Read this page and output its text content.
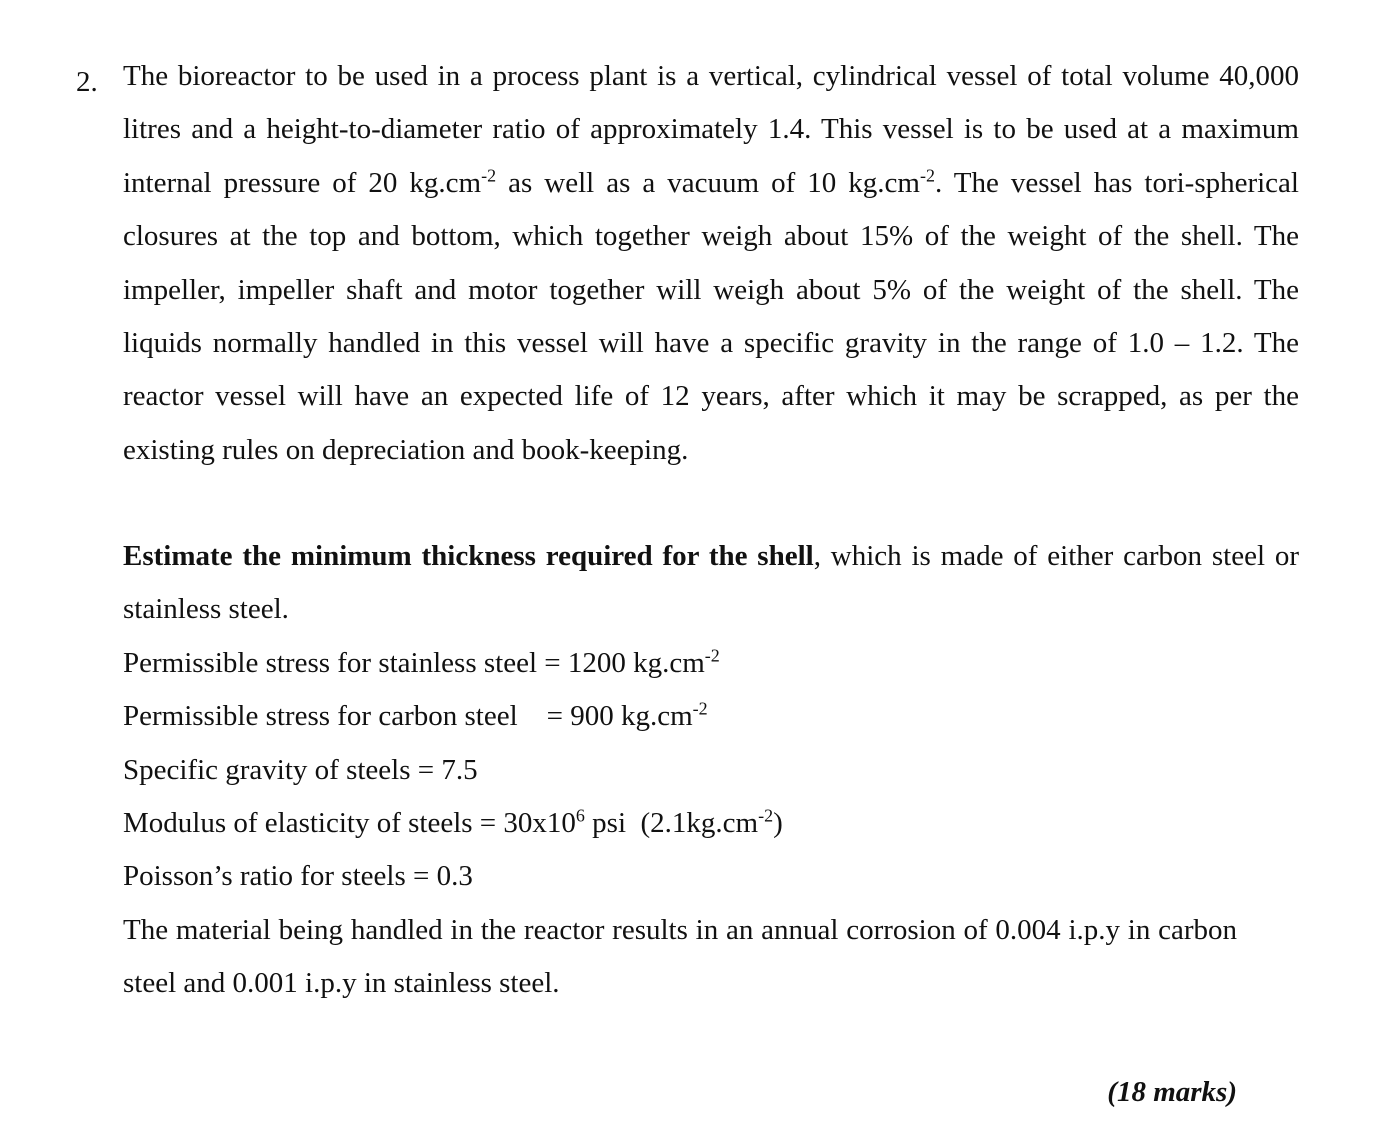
2. The bioreactor to be used in a process plant is a vertical, cylindrical vessel of total volume 40,000 litres and a height-to-diameter ratio of approximately 1.4. This vessel is to be used at a maximum internal pressure of 20 $kg.cm^{-2}$ as well as a vacuum of 10 $kg.cm^{-2}$. The vessel has tori-spherical closures at the top and bottom, which together weigh about 15% of the weight of the shell. The impeller, impeller shaft and motor together will weigh about 5% of the weight of the shell. The liquids normally handled in this vessel will have a specific gravity in the range of 1.0 – 1.2. The reactor vessel will have an expected life of 12 years, after which it may be scrapped, as per the existing rules on depreciation and book-keeping.

Estimate the minimum thickness required for the shell, which is made of either carbon steel or stainless steel.

Permissible stress for stainless steel = 1200 $kg.cm^{-2}$

Permissible stress for carbon steel    = 900 $kg.cm^{-2}$

Specific gravity of steels = 7.5

Modulus of elasticity of steels = $30x10^6$ psi  $(2.1kg.cm^{-2})$

Poisson’s ratio for steels = 0.3

The material being handled in the reactor results in an annual corrosion of 0.004 i.p.y in carbon steel and 0.001 i.p.y in stainless steel.

(18 marks)
